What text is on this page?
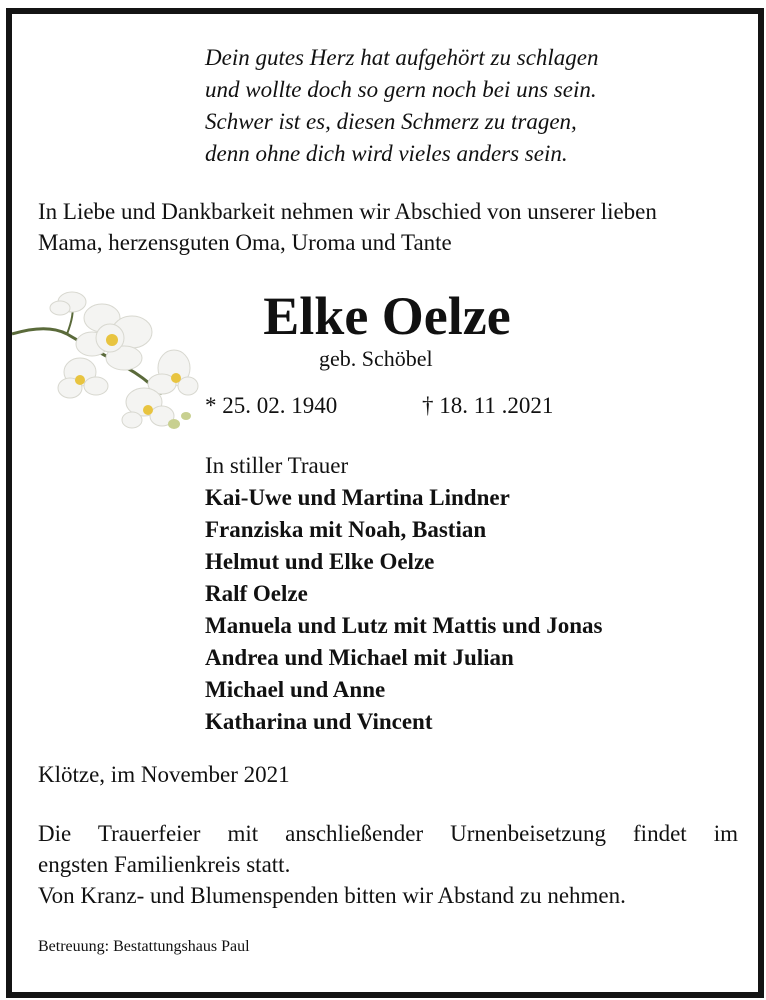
Dein gutes Herz hat aufgehört zu schlagen
und wollte doch so gern noch bei uns sein.
Schwer ist es, diesen Schmerz zu tragen,
denn ohne dich wird vieles anders sein.
In Liebe und Dankbarkeit nehmen wir Abschied von unserer lieben
Mama, herzensguten Oma, Uroma und Tante
Elke Oelze
geb. Schöbel
* 25. 02. 1940	† 18. 11 .2021
In stiller Trauer
Kai-Uwe und Martina Lindner
Franziska mit Noah, Bastian
Helmut und Elke Oelze
Ralf Oelze
Manuela und Lutz mit Mattis und Jonas
Andrea und Michael mit Julian
Michael und Anne
Katharina und Vincent
Klötze, im November 2021
Die Trauerfeier mit anschließender Urnenbeisetzung findet im
engsten Familienkreis statt.
Von Kranz- und Blumenspenden bitten wir Abstand zu nehmen.
Betreuung: Bestattungshaus Paul
